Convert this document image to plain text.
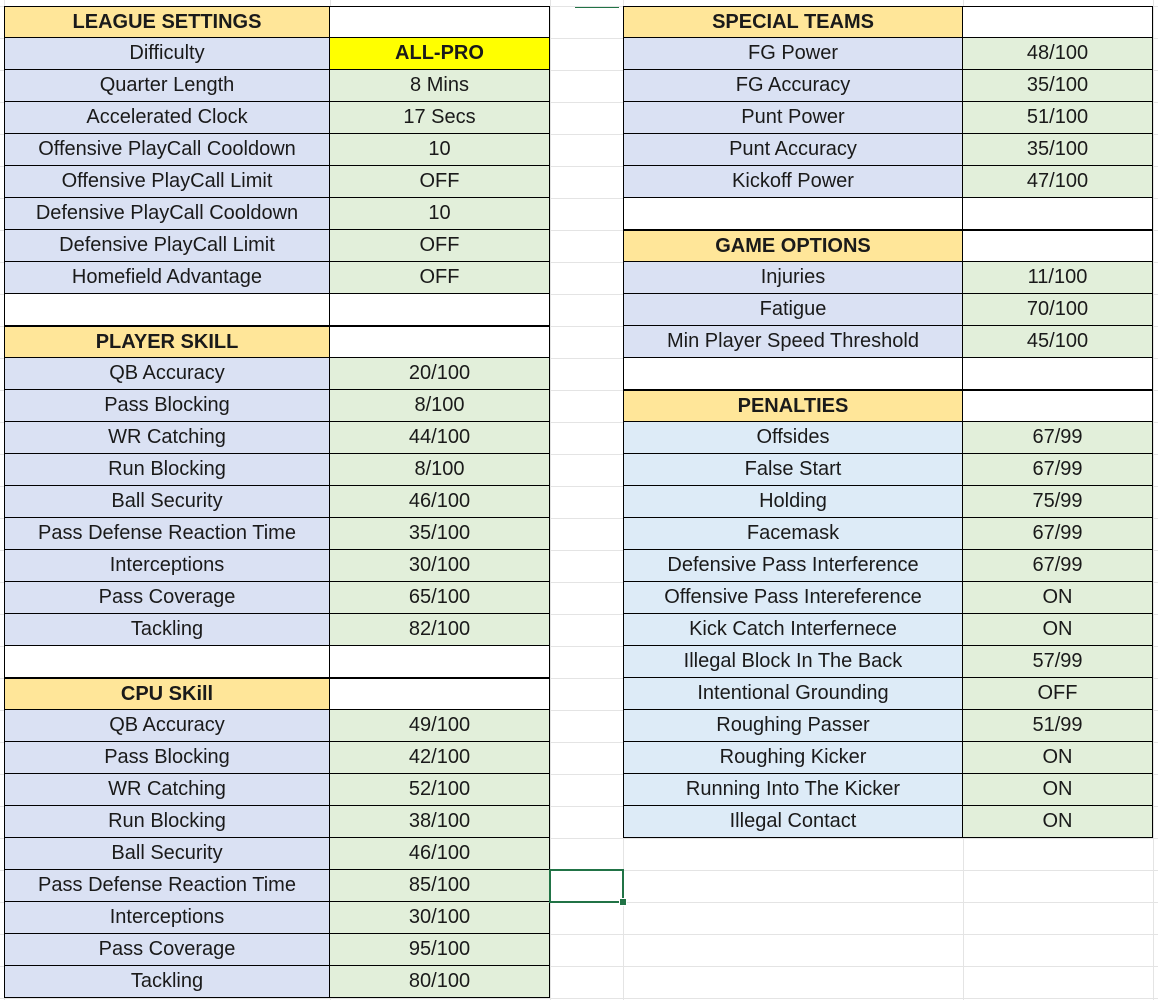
LEAGUE SETTINGS
Difficulty	ALL-PRO
Quarter Length	8 Mins
Accelerated Clock	17 Secs
Offensive PlayCall Cooldown	10
Offensive PlayCall Limit	OFF
Defensive PlayCall Cooldown	10
Defensive PlayCall Limit	OFF
Homefield Advantage	OFF
PLAYER SKILL
QB Accuracy	20/100
Pass Blocking	8/100
WR Catching	44/100
Run Blocking	8/100
Ball Security	46/100
Pass Defense Reaction Time	35/100
Interceptions	30/100
Pass Coverage	65/100
Tackling	82/100
CPU SKill
QB Accuracy	49/100
Pass Blocking	42/100
WR Catching	52/100
Run Blocking	38/100
Ball Security	46/100
Pass Defense Reaction Time	85/100
Interceptions	30/100
Pass Coverage	95/100
Tackling	80/100
SPECIAL TEAMS
FG Power	48/100
FG Accuracy	35/100
Punt Power	51/100
Punt Accuracy	35/100
Kickoff Power	47/100
GAME OPTIONS
Injuries	11/100
Fatigue	70/100
Min Player Speed Threshold	45/100
PENALTIES
Offsides	67/99
False Start	67/99
Holding	75/99
Facemask	67/99
Defensive Pass Interference	67/99
Offensive Pass Intereference	ON
Kick Catch Interfernece	ON
Illegal Block In The Back	57/99
Intentional Grounding	OFF
Roughing Passer	51/99
Roughing Kicker	ON
Running Into The Kicker	ON
Illegal Contact	ON
